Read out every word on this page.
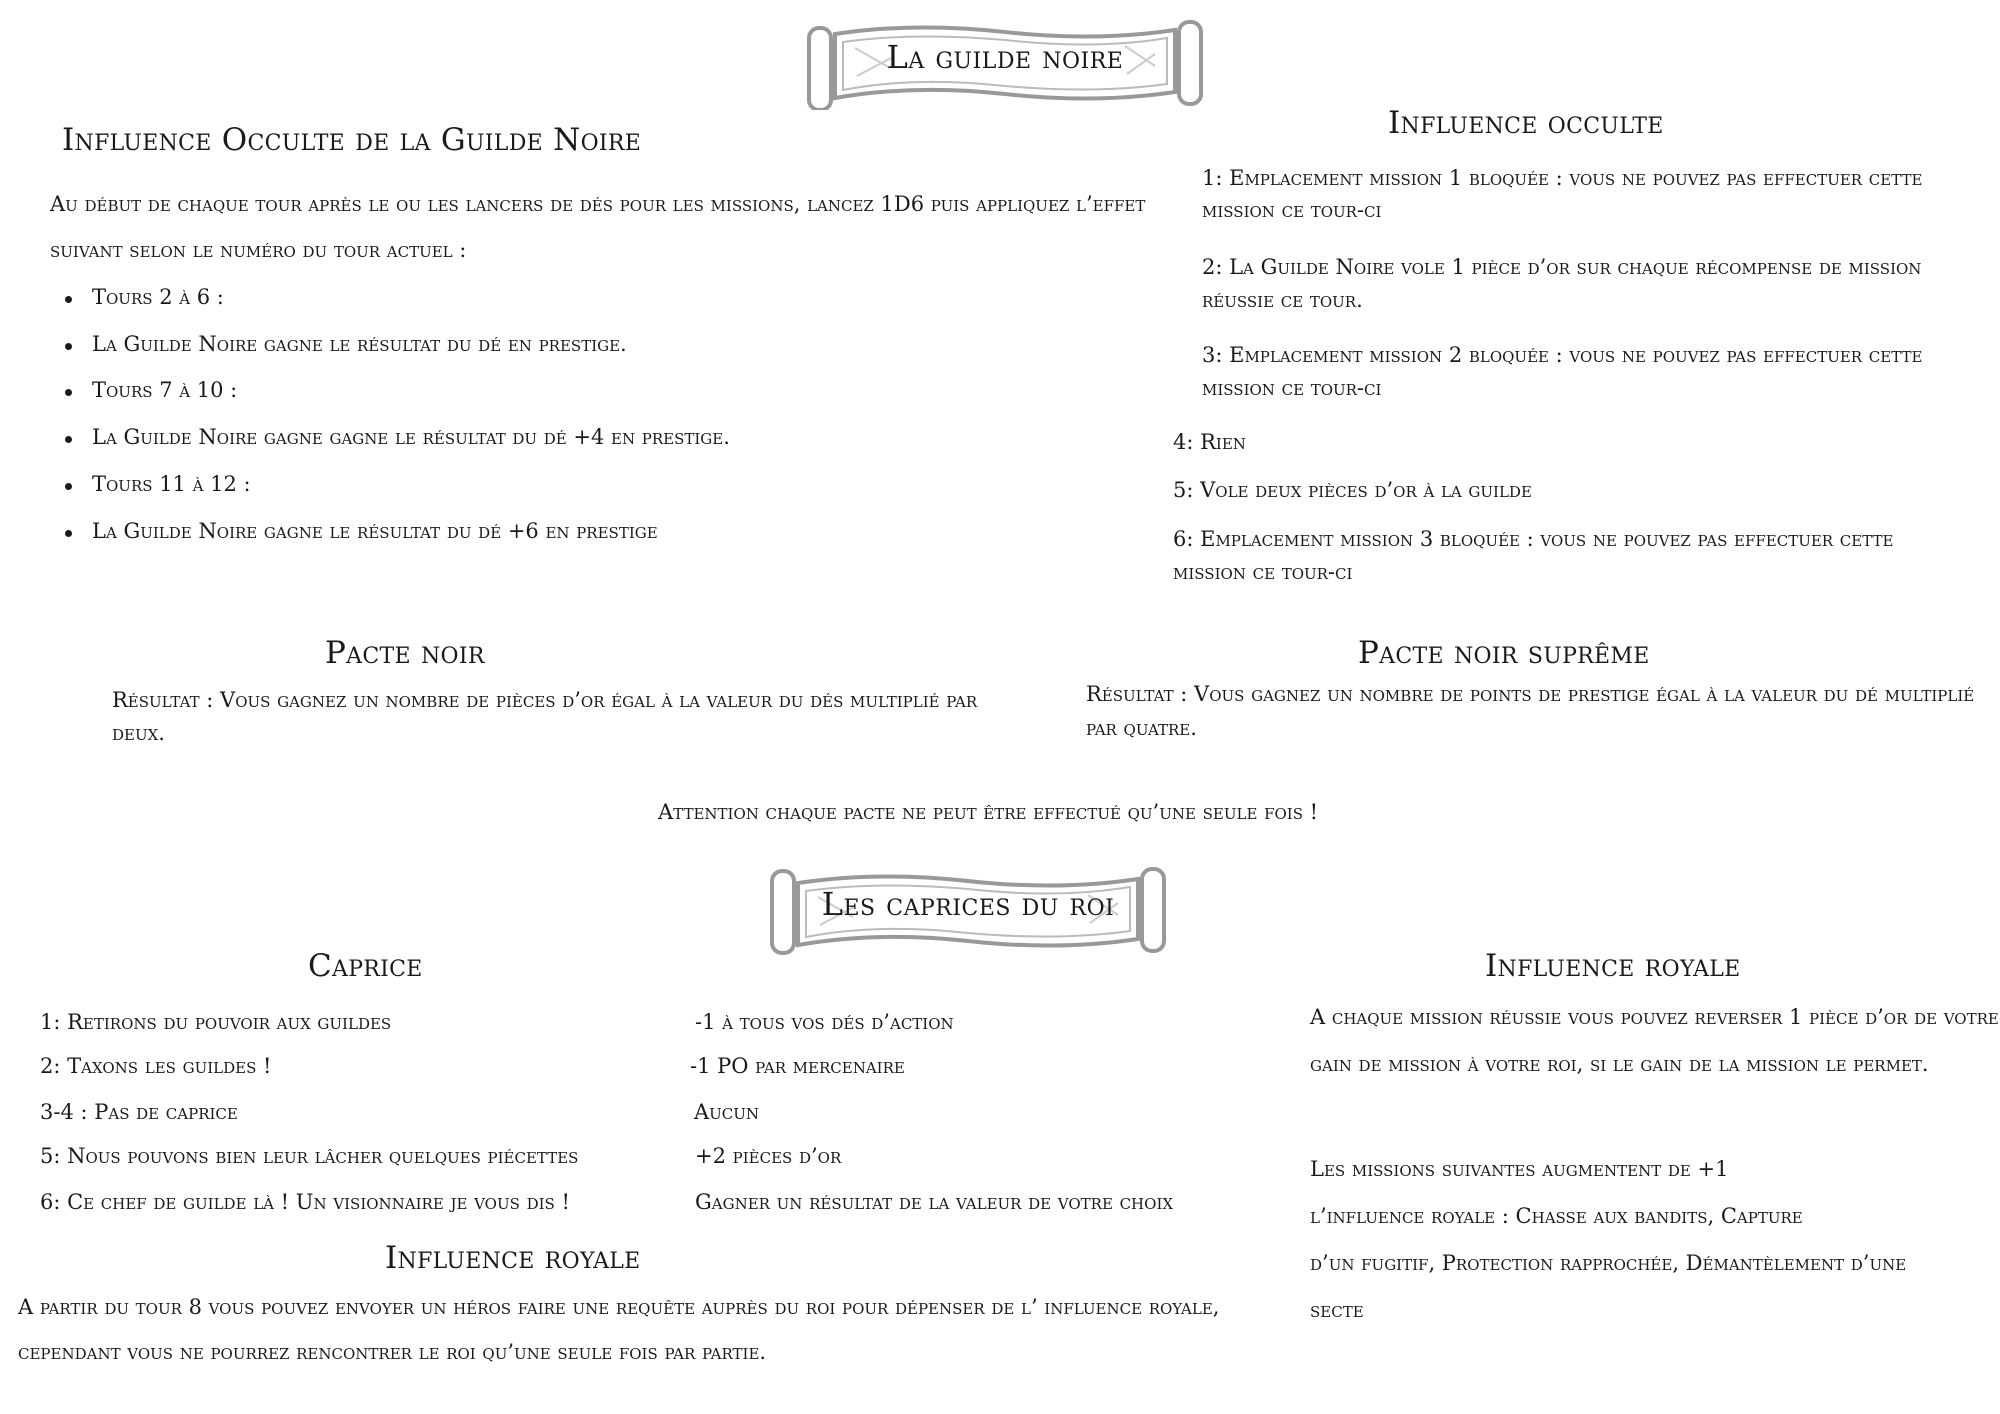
La guilde noire
Influence Occulte de la Guilde Noire
Au début de chaque tour après le ou les lancers de dés pour les missions, lancez 1D6 puis appliquez l’effet
suivant selon le numéro du tour actuel :
Tours 2 à 6 :
La Guilde Noire gagne le résultat du dé en prestige.
Tours 7 à 10 :
La Guilde Noire gagne gagne le résultat du dé +4 en prestige.
Tours 11 à 12 :
La Guilde Noire gagne le résultat du dé +6 en prestige
Influence occulte
1: Emplacement mission 1 bloquée : vous ne pouvez pas effectuer cette
mission ce tour-ci
2: La Guilde Noire vole 1 pièce d’or sur chaque récompense de mission
réussie ce tour.
3: Emplacement mission 2 bloquée : vous ne pouvez pas effectuer cette
mission ce tour-ci
4: Rien
5: Vole deux pièces d’or à la guilde
6: Emplacement mission 3 bloquée : vous ne pouvez pas effectuer cette
mission ce tour-ci
Pacte noir
Résultat : Vous gagnez un nombre de pièces d’or égal à la valeur du dés multiplié par
deux.
Pacte noir suprême
Résultat : Vous gagnez un nombre de points de prestige égal à la valeur du dé multiplié
par quatre.
Attention chaque pacte ne peut être effectué qu’une seule fois !
Les caprices du roi
Caprice
1: Retirons du pouvoir aux guildes	-1 à tous vos dés d’action
2: Taxons les guildes !	-1 PO par mercenaire
3-4 : Pas de caprice	Aucun
5: Nous pouvons bien leur lâcher quelques piécettes	+2 pièces d’or
6: Ce chef de guilde là ! Un visionnaire je vous dis !	Gagner un résultat de la valeur de votre choix
Influence royale
A partir du tour 8 vous pouvez envoyer un héros faire une requête auprès du roi pour dépenser de l’ influence royale,
cependant vous ne pourrez rencontrer le roi qu’une seule fois par partie.
Influence royale
A chaque mission réussie vous pouvez reverser 1 pièce d’or de votre
gain de mission à votre roi, si le gain de la mission le permet.
Les missions suivantes augmentent de +1
l’influence royale : Chasse aux bandits, Capture
d’un fugitif, Protection rapprochée, Démantèlement d’une
secte
